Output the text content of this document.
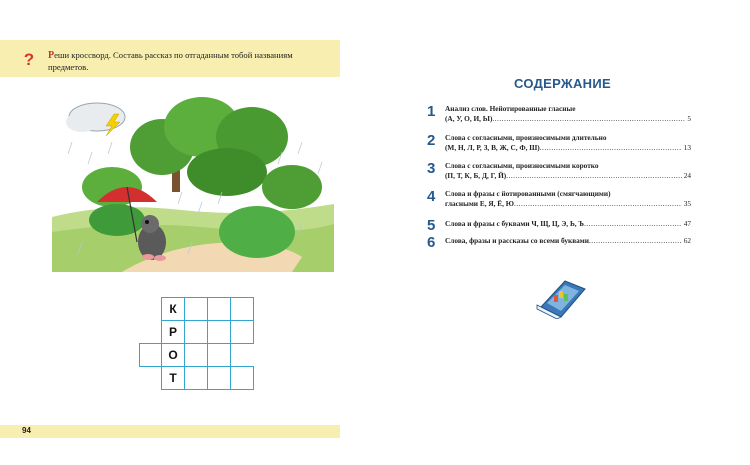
? Реши кроссворд. Составь рассказ по отгаданным тобой названиям предметов.
К
Р
О
Т
94
СОДЕРЖАНИЕ
1	Анализ слов. Нейотированные гласные
(А, У, О, И, Ы) .....	5
2	Слова с согласными, произносимыми длительно
(М, Н, Л, Р, З, В, Ж, С, Ф, Ш) .....	13
3	Слова с согласными, произносимыми коротко
(П, Т, К, Б, Д, Г, Й) .....	24
4	Слова и фразы с йотированными (смягчающими)
гласными Е, Я, Ё, Ю .....	35
5	Слова и фразы с буквами Ч, Щ, Ц, Э, Ь, Ъ .....	47
6	Слова, фразы и рассказы со всеми буквами .....	62
